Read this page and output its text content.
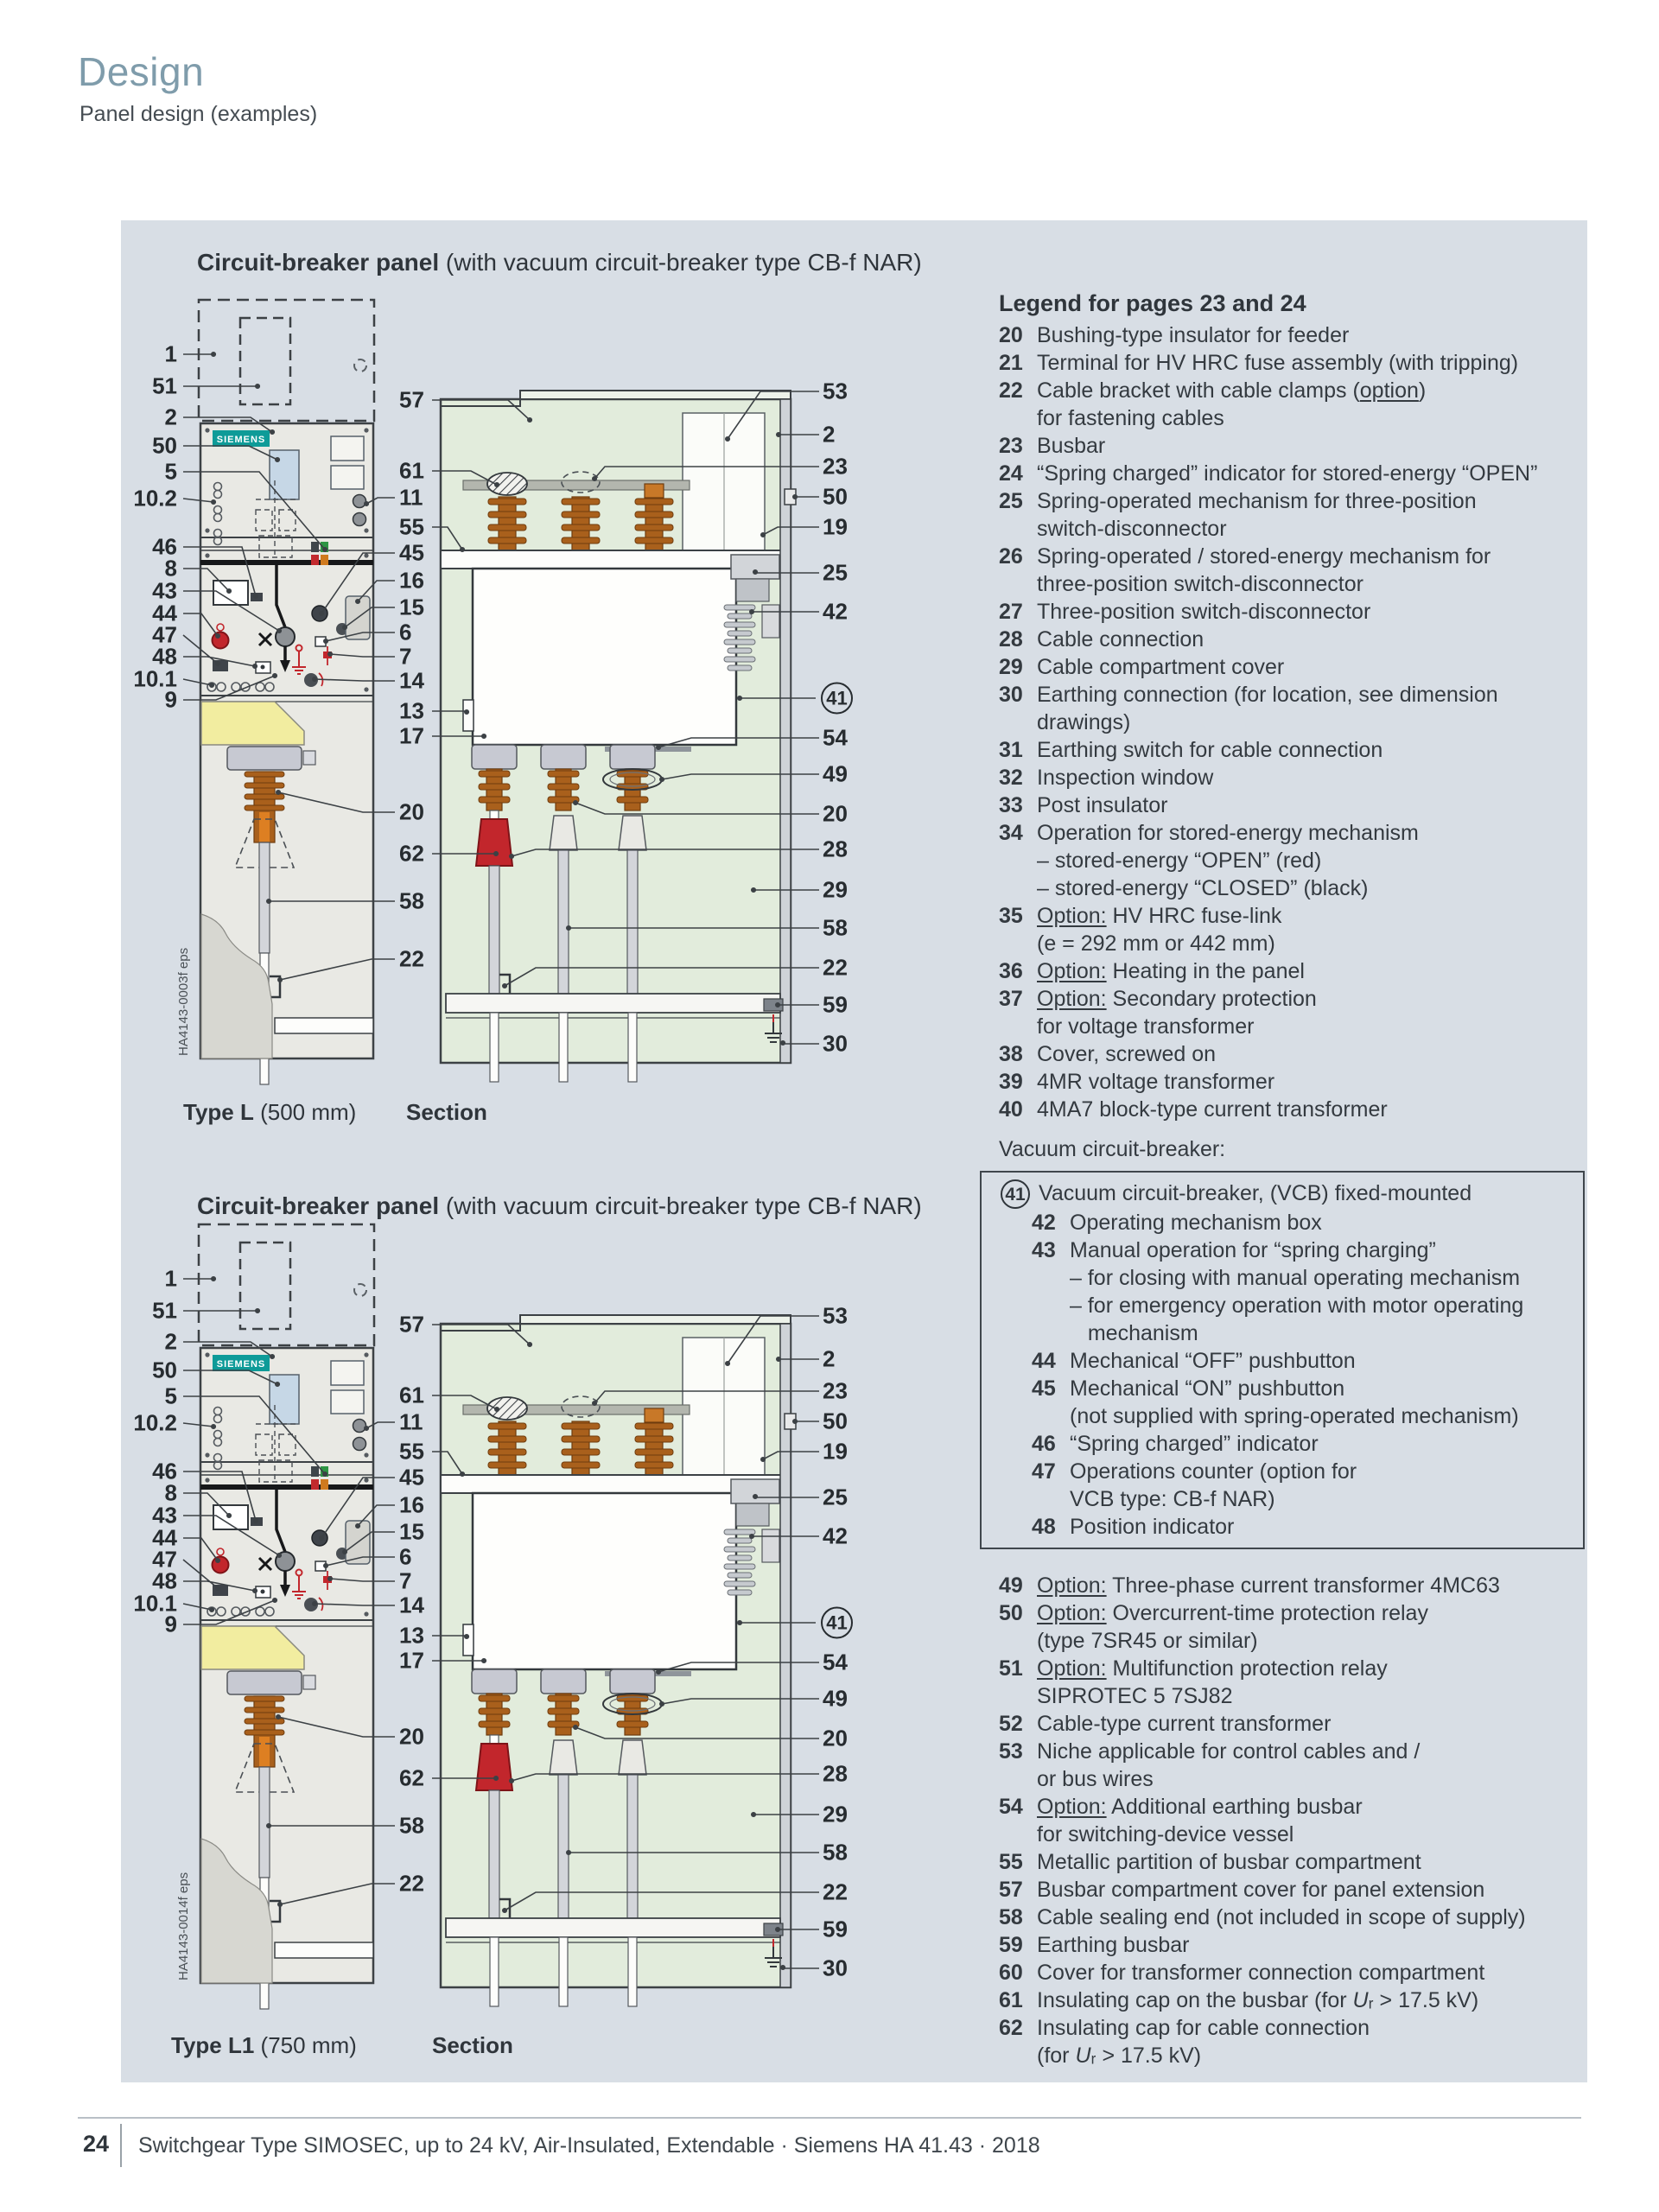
Design
Panel design (examples)
SIEMENS
Circuit-breaker panel (with vacuum circuit-breaker type CB-f NAR)
Circuit-breaker panel (with vacuum circuit-breaker type CB-f NAR)
Type L (500 mm) Section
Type L1 (750 mm)	Section
HA4143-0003f eps
HA4143-0014f eps
1
51
2
50
5
10.2
46
8
43
44
47
48
10.1
9
57
61
11
55
45
16
15
6
7
14
13
17
20
62
58
22
53
2
23
50
19
25
42
41
54
49
20
28
29
58
22
59
30
1
51
2
50
5
10.2
46
8
43
44
47
48
10.1
9
57
61
11
55
45
16
15
6
7
14
13
17
20
62
58
22
53
2
23
50
19
25
42
41
54
49
20
28
29
58
22
59
30
Legend for pages 23 and 24
20 Bushing-type insulator for feeder
21 Terminal for HV HRC fuse assembly (with tripping)
22 Cable bracket with cable clamps (option)
for fastening cables
23 Busbar
24 “Spring charged” indicator for stored-energy “OPEN”
25 Spring-operated mechanism for three-position
switch-disconnector
26 Spring-operated / stored-energy mechanism for
three-position switch-disconnector
27 Three-position switch-disconnector
28 Cable connection
29 Cable compartment cover
30 Earthing connection (for location, see dimension
drawings)
31 Earthing switch for cable connection
32 Inspection window
33 Post insulator
34 Operation for stored-energy mechanism
– stored-energy “OPEN” (red)
– stored-energy “CLOSED” (black)
35 Option: HV HRC fuse-link
(e = 292 mm or 442 mm)
36 Option: Heating in the panel
37 Option: Secondary protection
for voltage transformer
38 Cover, screwed on
39 4MR voltage transformer
40 4MA7 block-type current transformer
Vacuum circuit-breaker:
41 Vacuum circuit-breaker, (VCB) fixed-mounted
42 Operating mechanism box
43 Manual operation for “spring charging”
– for closing with manual operating mechanism
– for emergency operation with motor operating
mechanism
44 Mechanical “OFF” pushbutton
45 Mechanical “ON” pushbutton
(not supplied with spring-operated mechanism)
46 “Spring charged” indicator
47 Operations counter (option for
VCB type: CB-f NAR)
48 Position indicator
49 Option: Three-phase current transformer 4MC63
50 Option: Overcurrent-time protection relay
(type 7SR45 or similar)
51 Option: Multifunction protection relay
SIPROTEC 5 7SJ82
52 Cable-type current transformer
53 Niche applicable for control cables and /
or bus wires
54 Option: Additional earthing busbar
for switching-device vessel
55 Metallic partition of busbar compartment
57 Busbar compartment cover for panel extension
58 Cable sealing end (not included in scope of supply)
59 Earthing busbar
60 Cover for transformer connection compartment
61 Insulating cap on the busbar (for Uᵣ > 17.5 kV)
62 Insulating cap for cable connection
(for Uᵣ > 17.5 kV)
24 Switchgear Type SIMOSEC, up to 24 kV, Air-Insulated, Extendable · Siemens HA 41.43 · 2018
